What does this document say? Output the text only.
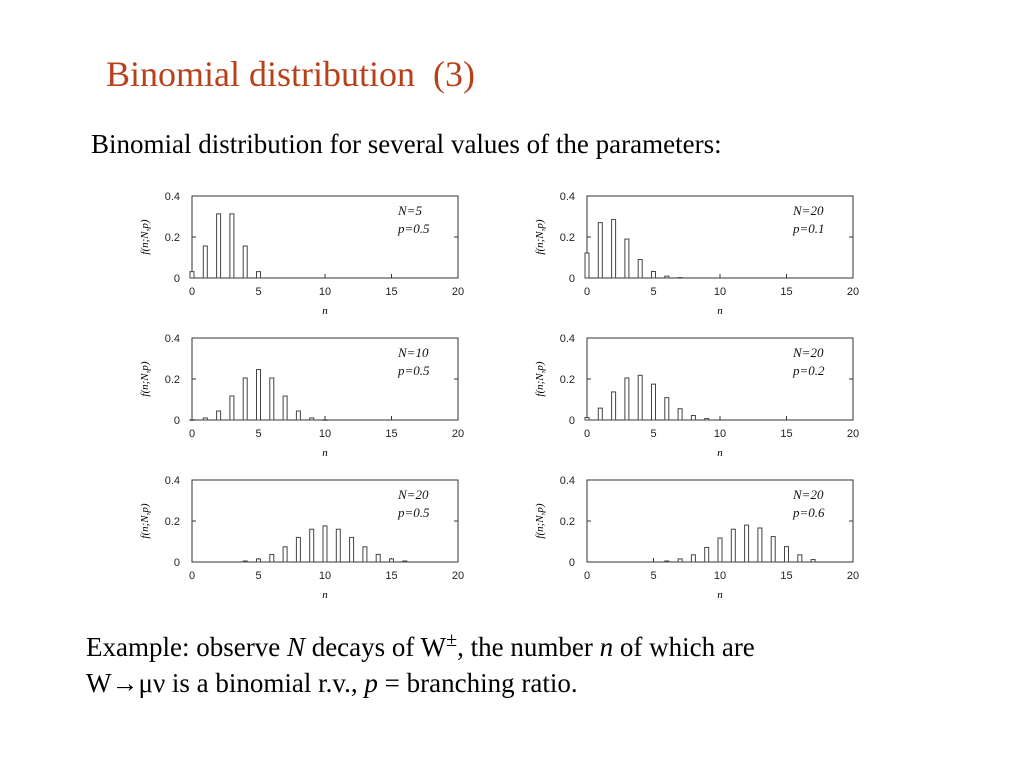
Binomial distribution  (3)
Binomial distribution for several values of the parameters:
0
0.2
0.4
0	5	10	15	20
n
f(n;N,p)
N=5
p=0.5
0
0.2
0.4
0	5	10	15	20
n
f(n;N,p)
N=20
p=0.1
0
0.2
0.4
0	5	10	15	20
n
f(n;N,p)
N=10
p=0.5
0
0.2
0.4
0	5	10	15	20
n
f(n;N,p)
N=20
p=0.2
0
0.2
0.4
0	5	10	15	20
n
f(n;N,p)
N=20
p=0.5
0
0.2
0.4
0	5	10	15	20
n
f(n;N,p)
N=20
p=0.6
Example: observe N decays of W±, the number n of which are
W→μν is a binomial r.v., p = branching ratio.
